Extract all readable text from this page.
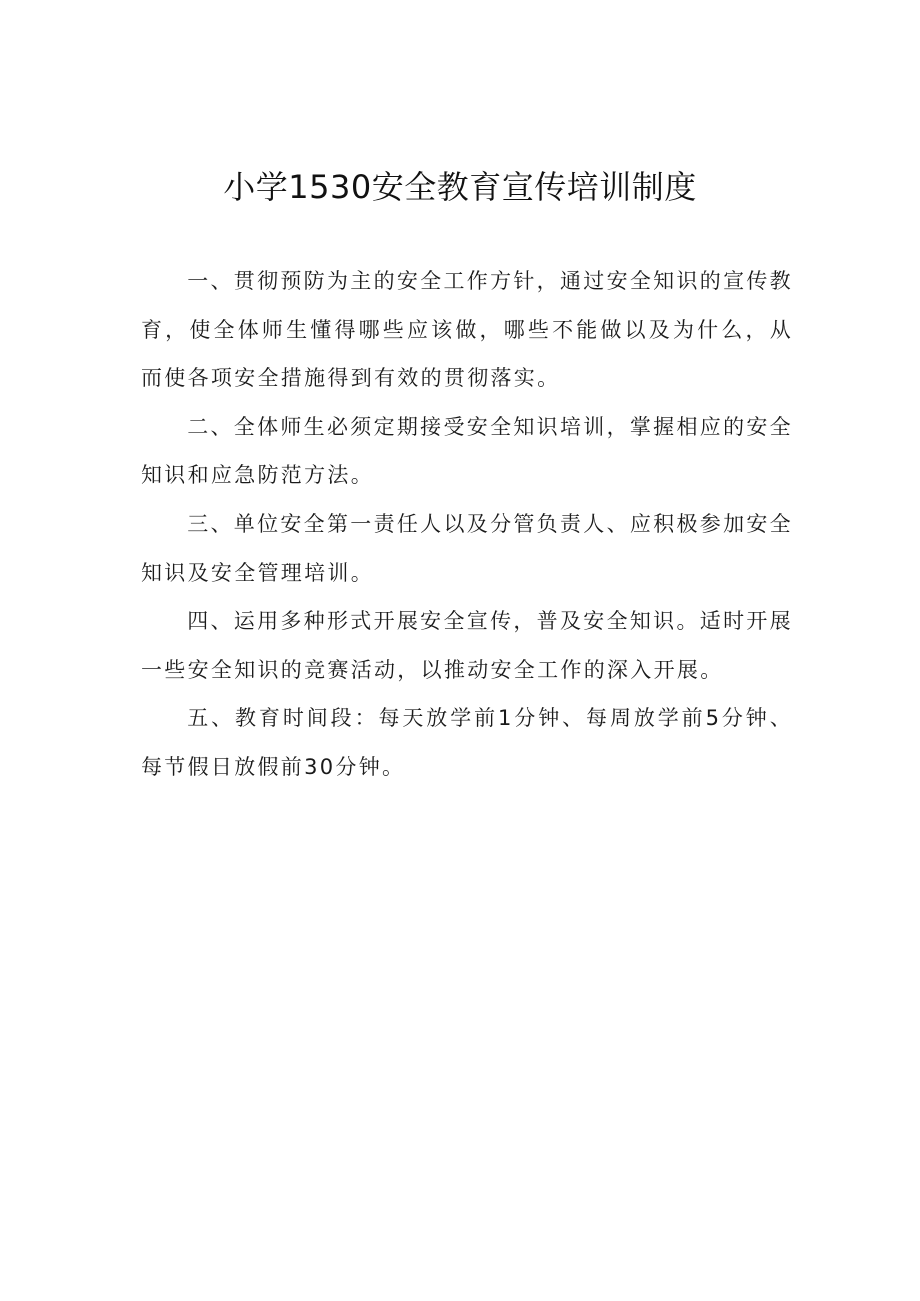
小学1530安全教育宣传培训制度

一、贯彻预防为主的安全工作方针，通过安全知识的宣传教育，使全体师生懂得哪些应该做，哪些不能做以及为什么，从而使各项安全措施得到有效的贯彻落实。

二、全体师生必须定期接受安全知识培训，掌握相应的安全知识和应急防范方法。

三、单位安全第一责任人以及分管负责人、应积极参加安全知识及安全管理培训。

四、运用多种形式开展安全宣传，普及安全知识。适时开展一些安全知识的竞赛活动，以推动安全工作的深入开展。

五、教育时间段：每天放学前1分钟、每周放学前5分钟、每节假日放假前30分钟。
